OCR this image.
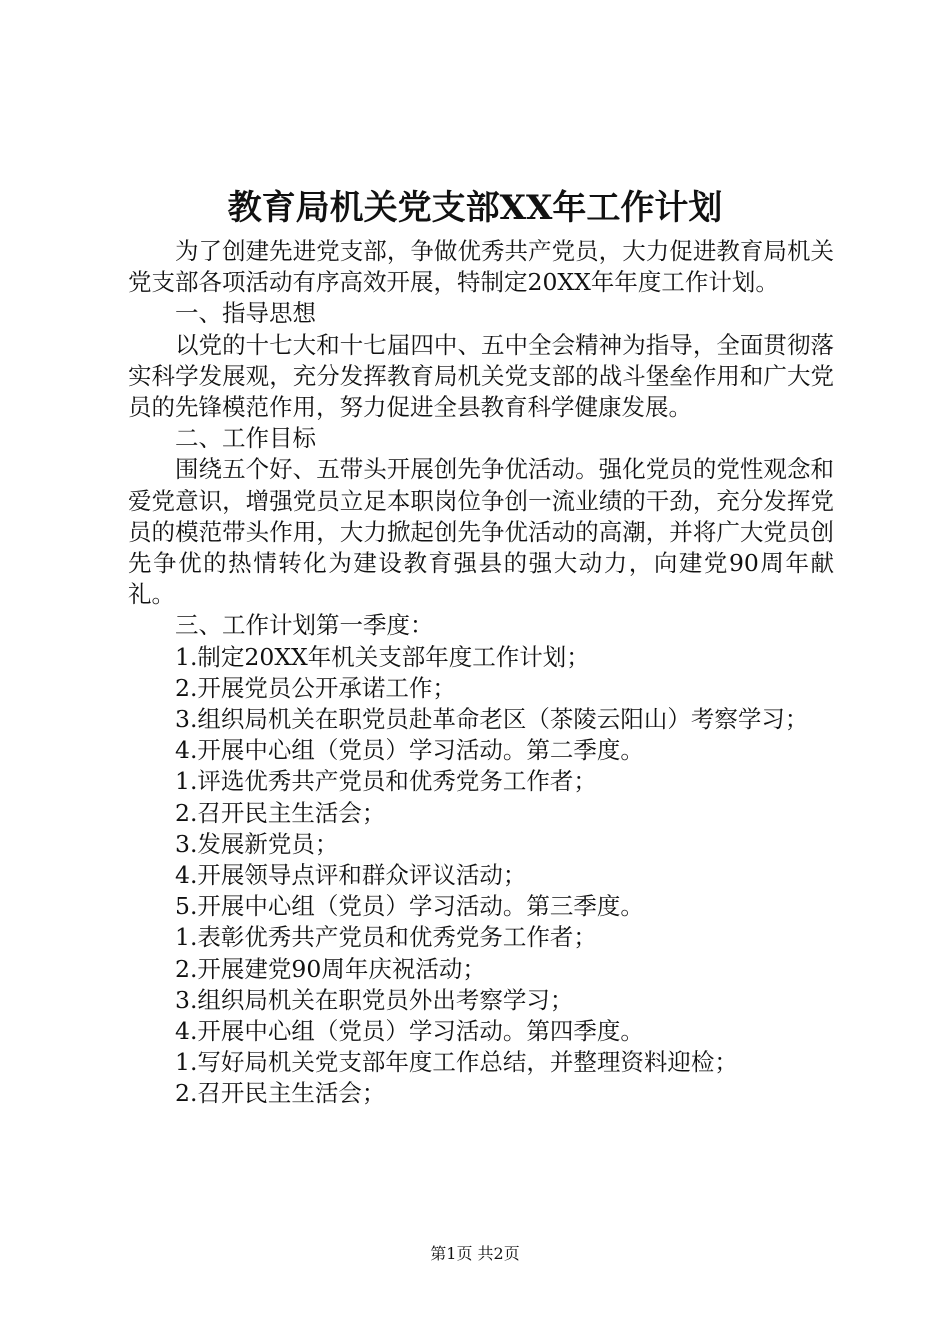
教育局机关党支部XX年工作计划

为了创建先进党支部，争做优秀共产党员，大力促进教育局机关党支部各项活动有序高效开展，特制定20XX年年度工作计划。

一、指导思想

以党的十七大和十七届四中、五中全会精神为指导，全面贯彻落实科学发展观，充分发挥教育局机关党支部的战斗堡垒作用和广大党员的先锋模范作用，努力促进全县教育科学健康发展。

二、工作目标

围绕五个好、五带头开展创先争优活动。强化党员的党性观念和爱党意识，增强党员立足本职岗位争创一流业绩的干劲，充分发挥党员的模范带头作用，大力掀起创先争优活动的高潮，并将广大党员创先争优的热情转化为建设教育强县的强大动力，向建党90周年献礼。

三、工作计划第一季度：

1.制定20XX年机关支部年度工作计划；

2.开展党员公开承诺工作；

3.组织局机关在职党员赴革命老区（茶陵云阳山）考察学习；

4.开展中心组（党员）学习活动。第二季度。

1.评选优秀共产党员和优秀党务工作者；

2.召开民主生活会；

3.发展新党员；

4.开展领导点评和群众评议活动；

5.开展中心组（党员）学习活动。第三季度。

1.表彰优秀共产党员和优秀党务工作者；

2.开展建党90周年庆祝活动；

3.组织局机关在职党员外出考察学习；

4.开展中心组（党员）学习活动。第四季度。

1.写好局机关党支部年度工作总结，并整理资料迎检；

2.召开民主生活会；

第1页 共2页
